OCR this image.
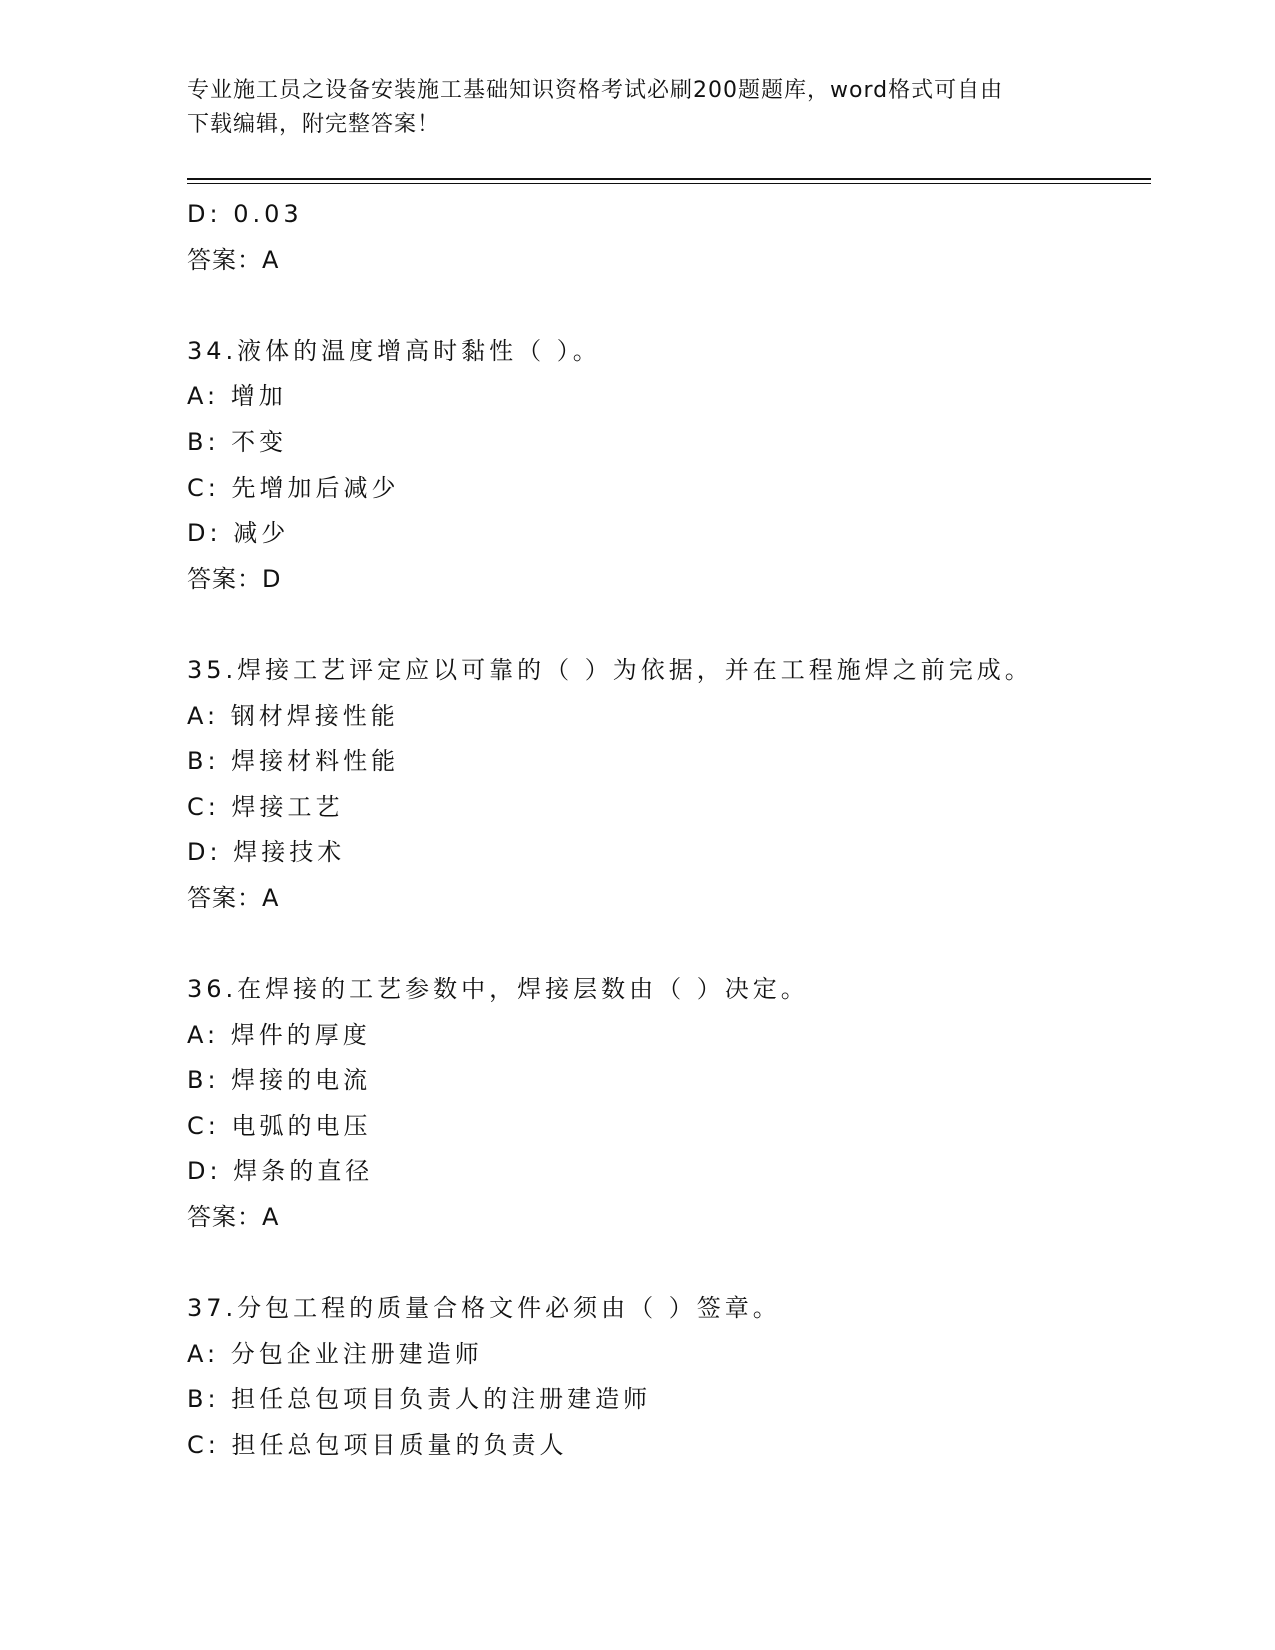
专业施工员之设备安装施工基础知识资格考试必刷200题题库，word格式可自由
下载编辑，附完整答案！
D: 0.03
答案：A
34.液体的温度增高时黏性（ ）。
A: 增加
B: 不变
C: 先增加后减少
D: 减少
答案：D
35.焊接工艺评定应以可靠的（ ）为依据，并在工程施焊之前完成。
A: 钢材焊接性能
B: 焊接材料性能
C: 焊接工艺
D: 焊接技术
答案：A
36.在焊接的工艺参数中，焊接层数由（ ）决定。
A: 焊件的厚度
B: 焊接的电流
C: 电弧的电压
D: 焊条的直径
答案：A
37.分包工程的质量合格文件必须由（ ）签章。
A: 分包企业注册建造师
B: 担任总包项目负责人的注册建造师
C: 担任总包项目质量的负责人
